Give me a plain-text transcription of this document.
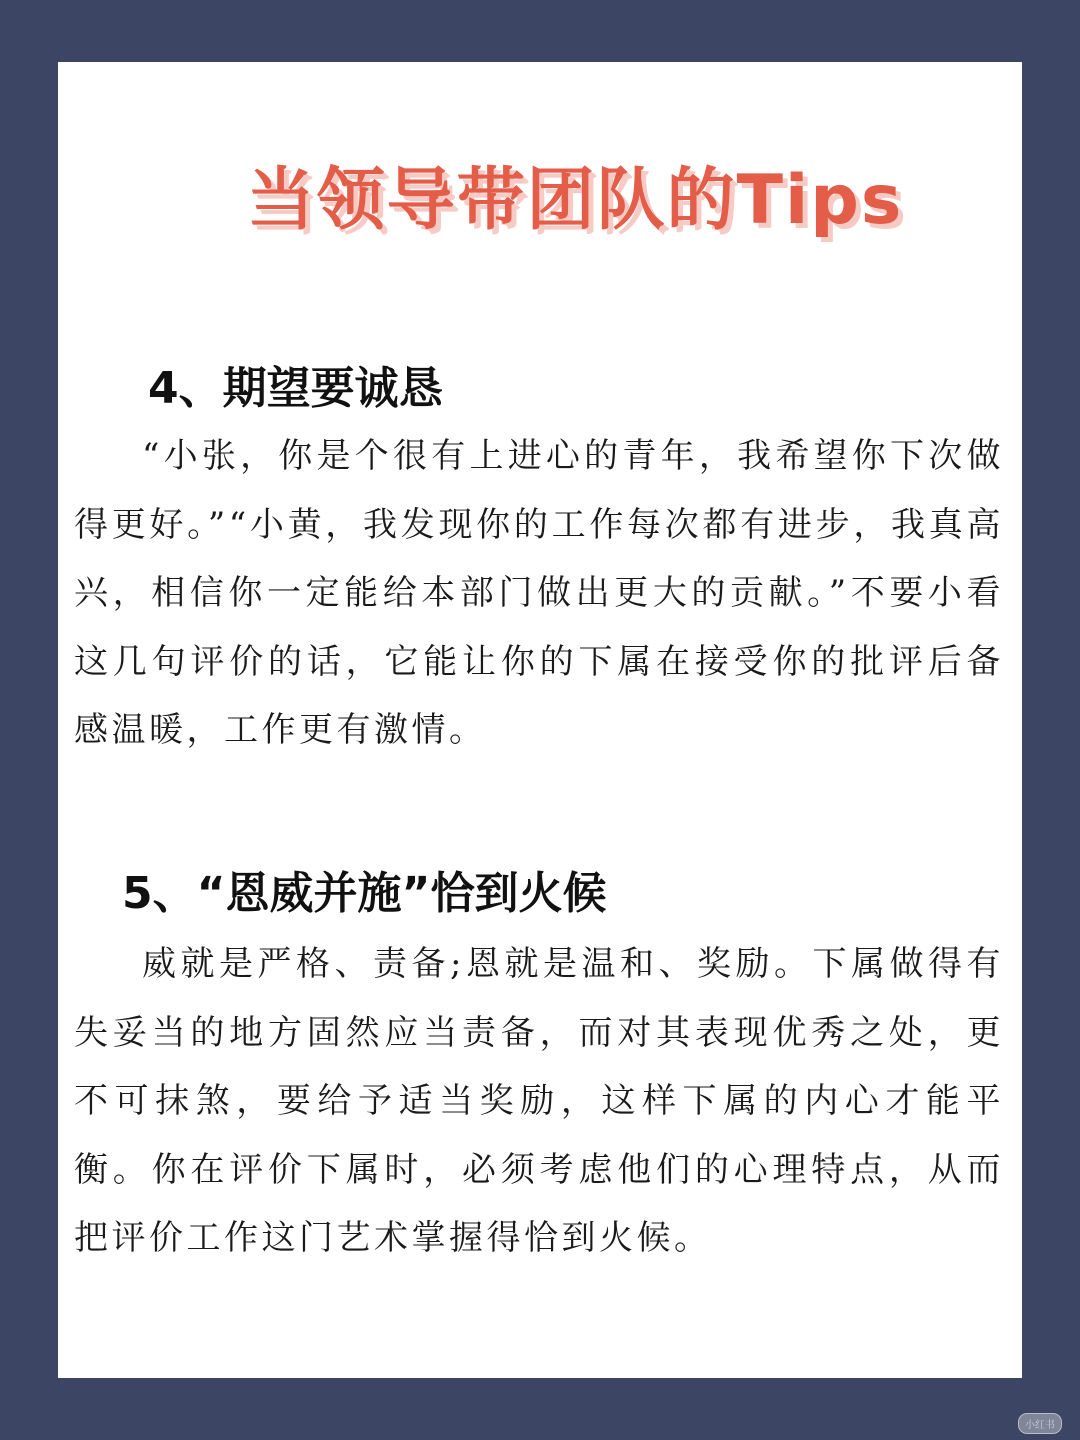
当领导带团队的Tips
4、期望要诚恳

“小张，你是个很有上进心的青年，我希望你下次做得更好。”“小黄，我发现你的工作每次都有进步，我真高兴，相信你一定能给本部门做出更大的贡献。”不要小看这几句评价的话，它能让你的下属在接受你的批评后备感温暖，工作更有激情。

5、“恩威并施”恰到火候

威就是严格、责备;恩就是温和、奖励。下属做得有失妥当的地方固然应当责备，而对其表现优秀之处，更不可抹煞，要给予适当奖励，这样下属的内心才能平衡。你在评价下属时，必须考虑他们的心理特点，从而把评价工作这门艺术掌握得恰到火候。

小红书
